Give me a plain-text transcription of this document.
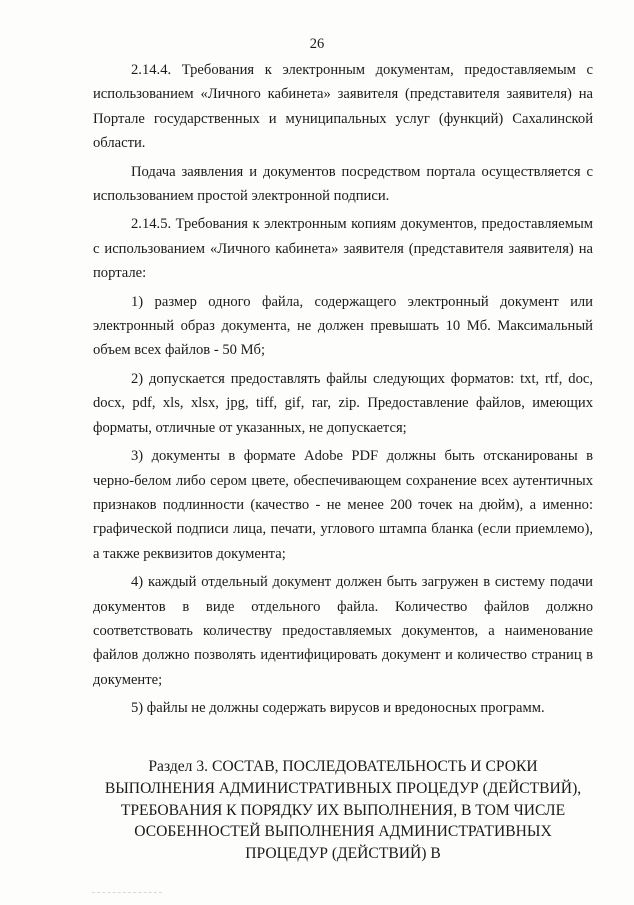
26

2.14.4. Требования к электронным документам, предоставляемым с использованием «Личного кабинета» заявителя (представителя заявителя) на Портале государственных и муниципальных услуг (функций) Сахалинской области.

Подача заявления и документов посредством портала осуществляется с использованием простой электронной подписи.

2.14.5. Требования к электронным копиям документов, предоставляемым с использованием «Личного кабинета» заявителя (представителя заявителя) на портале:

1) размер одного файла, содержащего электронный документ или электронный образ документа, не должен превышать 10 Мб. Максимальный объем всех файлов - 50 Мб;

2) допускается предоставлять файлы следующих форматов: txt, rtf, doc, docx, pdf, xls, xlsx, jpg, tiff, gif, rar, zip. Предоставление файлов, имеющих форматы, отличные от указанных, не допускается;

3) документы в формате Adobe PDF должны быть отсканированы в черно-белом либо сером цвете, обеспечивающем сохранение всех аутентичных признаков подлинности (качество - не менее 200 точек на дюйм), а именно: графической подписи лица, печати, углового штампа бланка (если приемлемо), а также реквизитов документа;

4) каждый отдельный документ должен быть загружен в систему подачи документов в виде отдельного файла. Количество файлов должно соответствовать количеству предоставляемых документов, а наименование файлов должно позволять идентифицировать документ и количество страниц в документе;

5) файлы не должны содержать вирусов и вредоносных программ.

Раздел 3. СОСТАВ, ПОСЛЕДОВАТЕЛЬНОСТЬ И СРОКИ ВЫПОЛНЕНИЯ АДМИНИСТРАТИВНЫХ ПРОЦЕДУР (ДЕЙСТВИЙ), ТРЕБОВАНИЯ К ПОРЯДКУ ИХ ВЫПОЛНЕНИЯ, В ТОМ ЧИСЛЕ ОСОБЕННОСТЕЙ ВЫПОЛНЕНИЯ АДМИНИСТРАТИВНЫХ ПРОЦЕДУР (ДЕЙСТВИЙ) В
